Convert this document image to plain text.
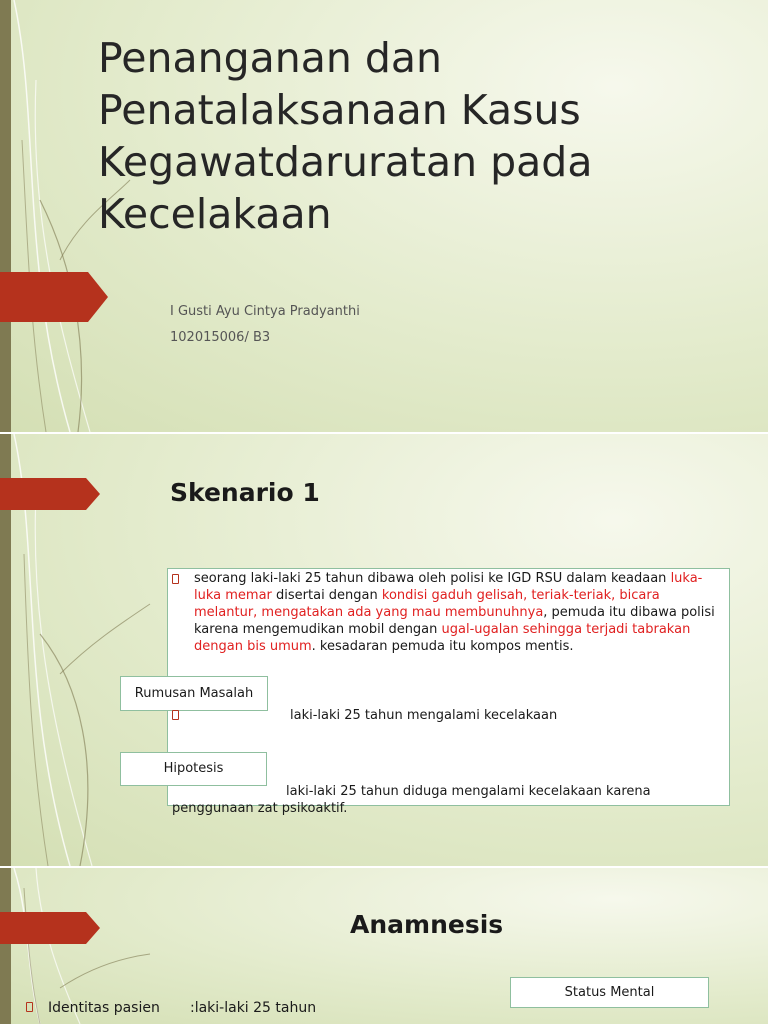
Penanganan dan Penatalaksanaan Kasus Kegawatdaruratan pada Kecelakaan
I Gusti Ayu Cintya Pradyanthi
102015006/ B3
Skenario 1
seorang laki-laki 25 tahun dibawa oleh polisi ke IGD RSU dalam keadaan luka-luka memar disertai dengan kondisi gaduh gelisah, teriak-teriak, bicara melantur, mengatakan ada yang mau membunuhnya, pemuda itu dibawa polisi karena mengemudikan mobil dengan ugal-ugalan sehingga terjadi tabrakan dengan bis umum. kesadaran pemuda itu kompos mentis.
Rumusan Masalah
laki-laki 25 tahun mengalami kecelakaan
Hipotesis
laki-laki 25 tahun diduga mengalami kecelakaan karena
penggunaan zat psikoaktif.
Anamnesis
Status Mental
Identitas pasien :laki-laki 25 tahun
